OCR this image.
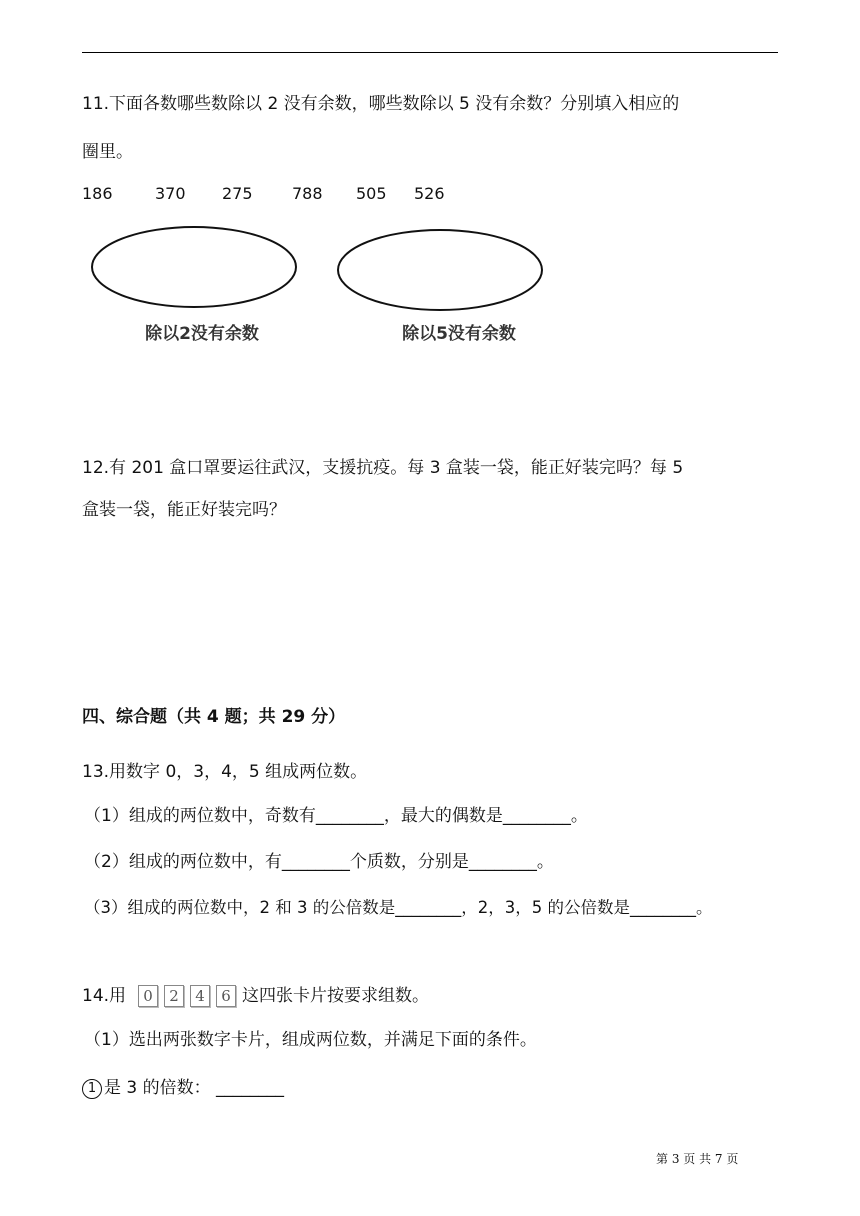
11.下面各数哪些数除以 2 没有余数，哪些数除以 5 没有余数？分别填入相应的
圈里。
186	370 275 788 505 526
除以2没有余数	除以5没有余数
12.有 201 盒口罩要运往武汉，支援抗疫。每 3 盒装一袋，能正好装完吗？每 5
盒装一袋，能正好装完吗？
四、综合题（共 4 题；共 29 分）
13.用数字 0，3，4，5 组成两位数。
（1）组成的两位数中，奇数有________，最大的偶数是________。
（2）组成的两位数中，有________个质数，分别是________。
（3）组成的两位数中，2 和 3 的公倍数是________，2，3，5 的公倍数是________。
14.用	0	2	4	6 这四张卡片按要求组数。
（1）选出两张数字卡片，组成两位数，并满足下面的条件。
1 是 3 的倍数： ________
第 3 页 共 7 页
